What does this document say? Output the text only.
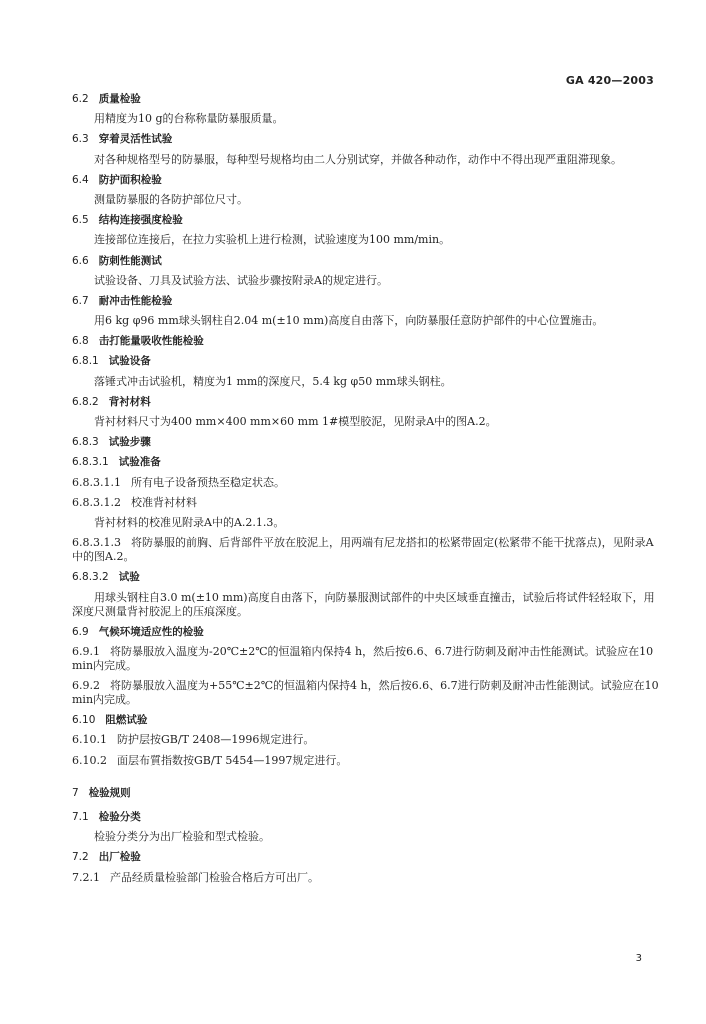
GA 420—2003
6.2 质量检验
用精度为10 g的台称称量防暴服质量。
6.3 穿着灵活性试验
对各种规格型号的防暴服，每种型号规格均由二人分别试穿，并做各种动作，动作中不得出现严重阻滞现象。
6.4 防护面积检验
测量防暴服的各防护部位尺寸。
6.5 结构连接强度检验
连接部位连接后，在拉力实验机上进行检测，试验速度为100 mm/min。
6.6 防刺性能测试
试验设备、刀具及试验方法、试验步骤按附录A的规定进行。
6.7 耐冲击性能检验
用6 kg φ96 mm球头钢柱自2.04 m(±10 mm)高度自由落下，向防暴服任意防护部件的中心位置施击。
6.8 击打能量吸收性能检验
6.8.1 试验设备
落锤式冲击试验机，精度为1 mm的深度尺，5.4 kg φ50 mm球头钢柱。
6.8.2 背衬材料
背衬材料尺寸为400 mm×400 mm×60 mm 1#模型胶泥，见附录A中的图A.2。
6.8.3 试验步骤
6.8.3.1 试验准备
6.8.3.1.1 所有电子设备预热至稳定状态。
6.8.3.1.2 校准背衬材料
背衬材料的校准见附录A中的A.2.1.3。
6.8.3.1.3 将防暴服的前胸、后背部件平放在胶泥上，用两端有尼龙搭扣的松紧带固定(松紧带不能干扰落点)，见附录A中的图A.2。
6.8.3.2 试验
用球头钢柱自3.0 m(±10 mm)高度自由落下，向防暴服测试部件的中央区域垂直撞击，试验后将试件轻轻取下，用深度尺测量背衬胶泥上的压痕深度。
6.9 气候环境适应性的检验
6.9.1 将防暴服放入温度为-20℃±2℃的恒温箱内保持4 h，然后按6.6、6.7进行防刺及耐冲击性能测试。试验应在10 min内完成。
6.9.2 将防暴服放入温度为+55℃±2℃的恒温箱内保持4 h，然后按6.6、6.7进行防刺及耐冲击性能测试。试验应在10 min内完成。
6.10 阻燃试验
6.10.1 防护层按GB/T 2408—1996规定进行。
6.10.2 面层布質指数按GB/T 5454—1997规定进行。
7 检验规则
7.1 检验分类
检验分类分为出厂检验和型式检验。
7.2 出厂检验
7.2.1 产品经质量检验部门检验合格后方可出厂。
3
